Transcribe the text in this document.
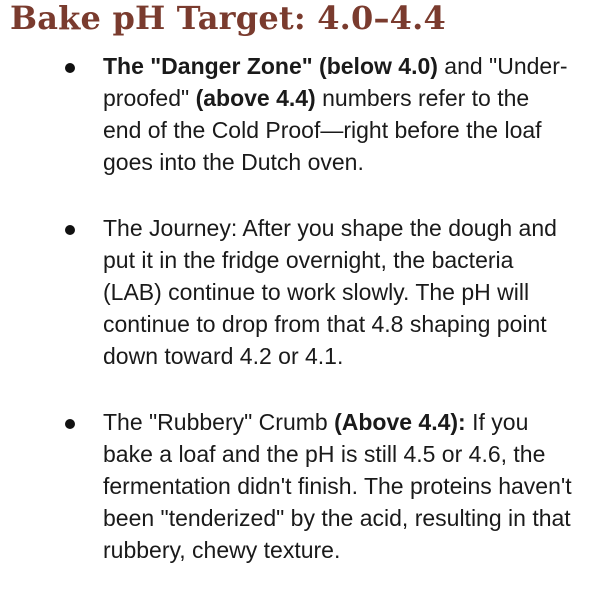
Bake pH Target: 4.0–4.4
The "Danger Zone" (below 4.0) and "Under-proofed" (above 4.4) numbers refer to the end of the Cold Proof—right before the loaf goes into the Dutch oven.
The Journey: After you shape the dough and put it in the fridge overnight, the bacteria (LAB) continue to work slowly. The pH will continue to drop from that 4.8 shaping point down toward 4.2 or 4.1.
The "Rubbery" Crumb (Above 4.4): If you bake a loaf and the pH is still 4.5 or 4.6, the fermentation didn't finish. The proteins haven't been "tenderized" by the acid, resulting in that rubbery, chewy texture.
